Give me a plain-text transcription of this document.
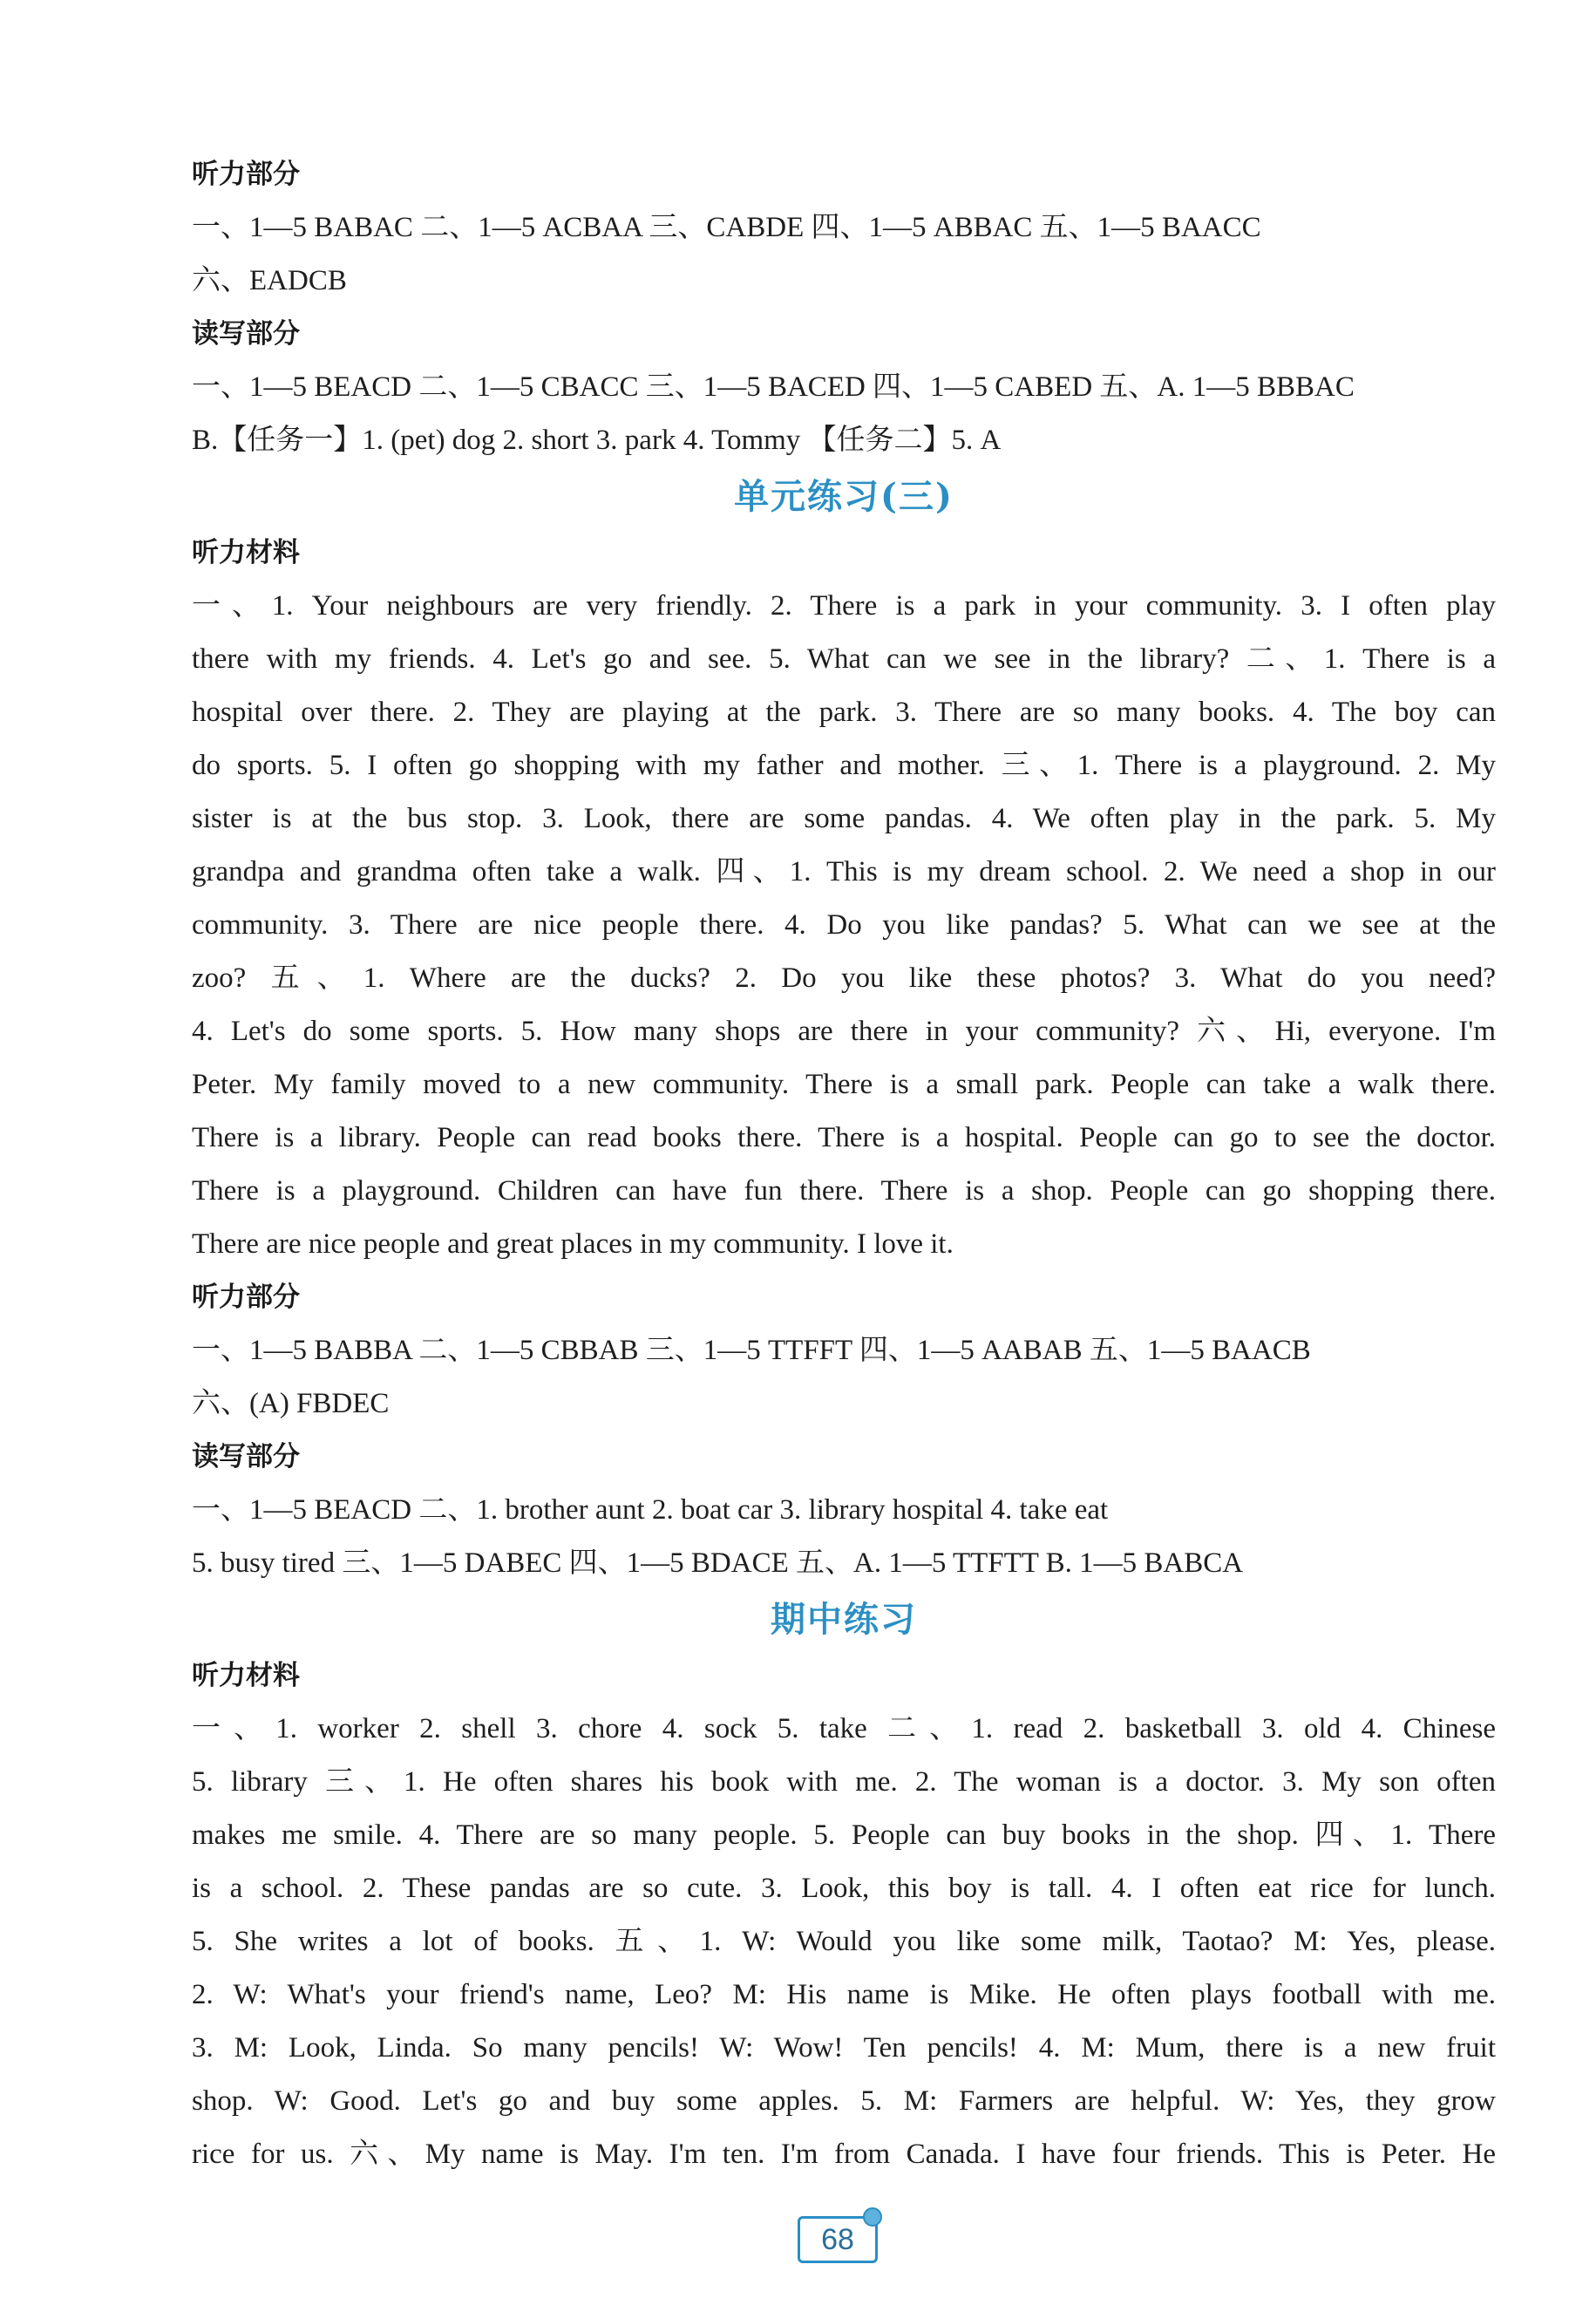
听力部分
一、1—5 BABAC 二、1—5 ACBAA 三、CABDE 四、1—5 ABBAC 五、1—5 BAACC
六、EADCB
读写部分
一、1—5 BEACD 二、1—5 CBACC 三、1—5 BACED 四、1—5 CABED 五、A. 1—5 BBBAC
B.【任务一】1. (pet) dog 2. short 3. park 4. Tommy 【任务二】5. A
单元练习(三)
听力材料
一、1. Your neighbours are very friendly. 2. There is a park in your community. 3. I often play
there with my friends. 4. Let's go and see. 5. What can we see in the library? 二、1. There is a
hospital over there. 2. They are playing at the park. 3. There are so many books. 4. The boy can
do sports. 5. I often go shopping with my father and mother. 三、1. There is a playground. 2. My
sister is at the bus stop. 3. Look, there are some pandas. 4. We often play in the park. 5. My
grandpa and grandma often take a walk. 四、1. This is my dream school. 2. We need a shop in our
community. 3. There are nice people there. 4. Do you like pandas? 5. What can we see at the
zoo? 五、1. Where are the ducks? 2. Do you like these photos? 3. What do you need?
4. Let's do some sports. 5. How many shops are there in your community? 六、Hi, everyone. I'm
Peter. My family moved to a new community. There is a small park. People can take a walk there.
There is a library. People can read books there. There is a hospital. People can go to see the doctor.
There is a playground. Children can have fun there. There is a shop. People can go shopping there.
There are nice people and great places in my community. I love it.
听力部分
一、1—5 BABBA 二、1—5 CBBAB 三、1—5 TTFFT 四、1—5 AABAB 五、1—5 BAACB
六、(A) FBDEC
读写部分
一、1—5 BEACD 二、1. brother aunt 2. boat car 3. library hospital 4. take eat
5. busy tired 三、1—5 DABEC 四、1—5 BDACE 五、A. 1—5 TTFTT B. 1—5 BABCA
期中练习
听力材料
一、1. worker 2. shell 3. chore 4. sock 5. take 二、1. read 2. basketball 3. old 4. Chinese
5. library 三、1. He often shares his book with me. 2. The woman is a doctor. 3. My son often
makes me smile. 4. There are so many people. 5. People can buy books in the shop. 四、1. There
is a school. 2. These pandas are so cute. 3. Look, this boy is tall. 4. I often eat rice for lunch.
5. She writes a lot of books. 五、1. W: Would you like some milk, Taotao? M: Yes, please.
2. W: What's your friend's name, Leo? M: His name is Mike. He often plays football with me.
3. M: Look, Linda. So many pencils! W: Wow! Ten pencils! 4. M: Mum, there is a new fruit
shop. W: Good. Let's go and buy some apples. 5. M: Farmers are helpful. W: Yes, they grow
rice for us. 六、My name is May. I'm ten. I'm from Canada. I have four friends. This is Peter. He
68
